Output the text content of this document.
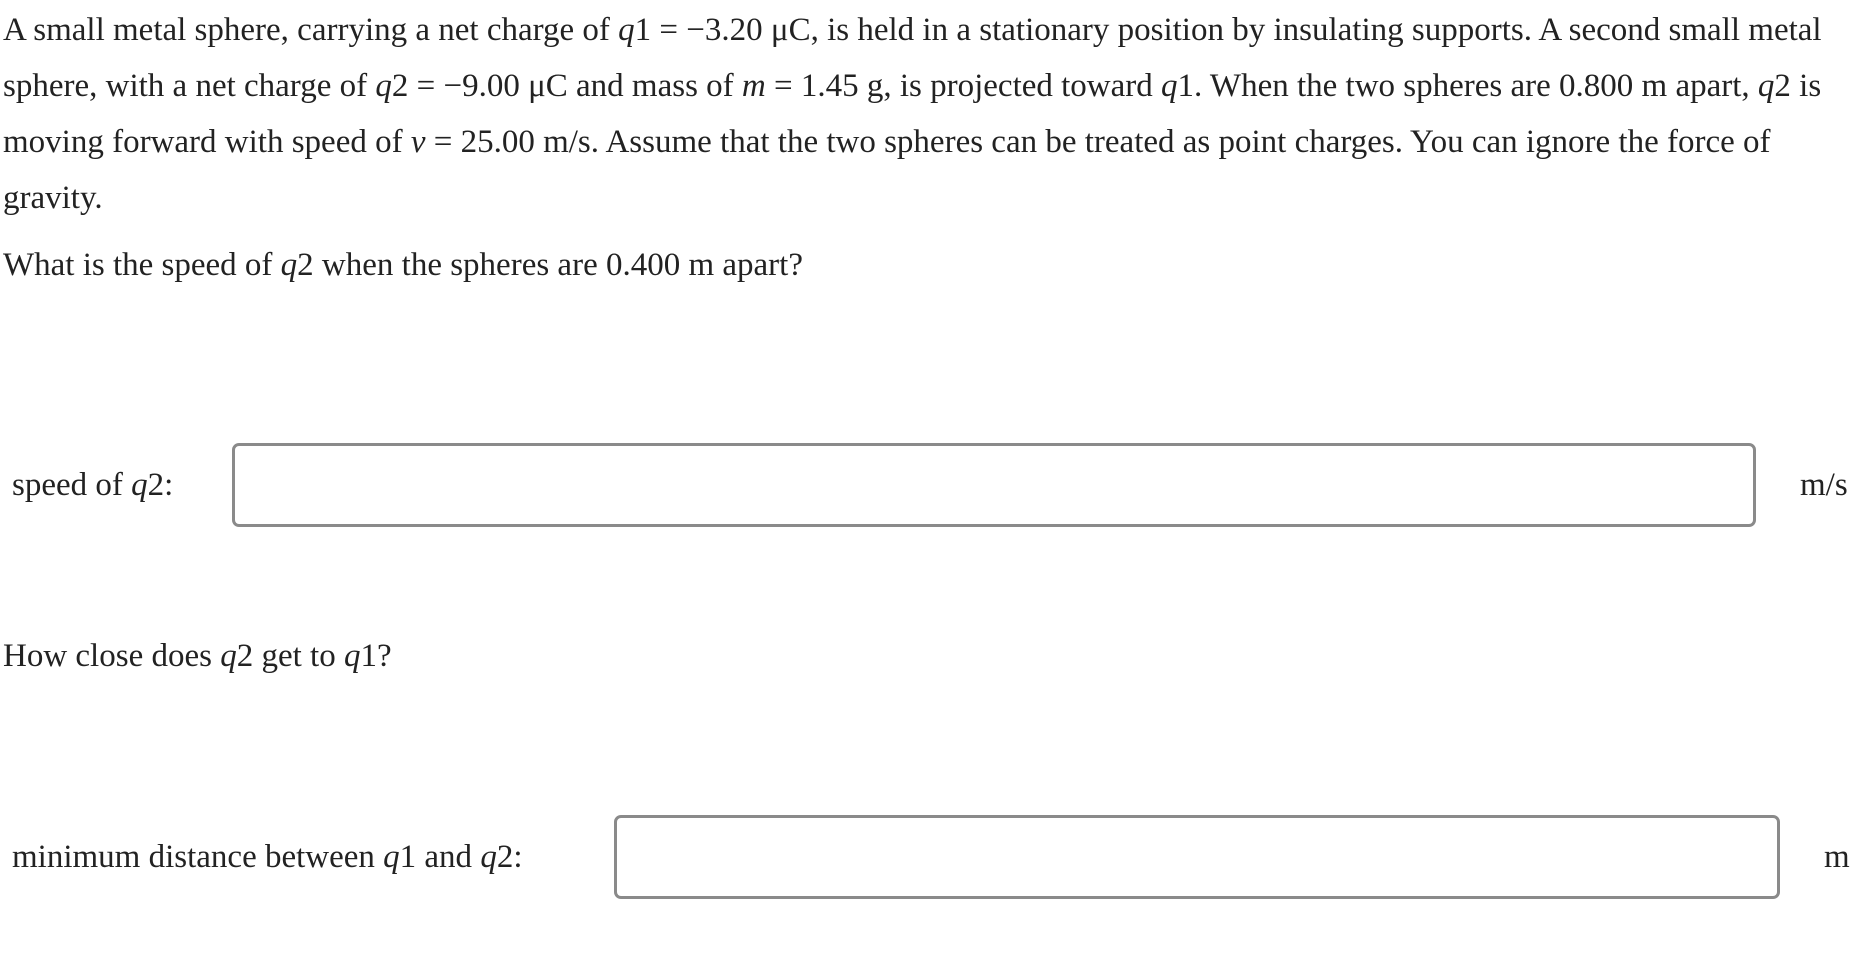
A small metal sphere, carrying a net charge of q1 = −3.20 μC, is held in a stationary position by insulating supports. A second small metal sphere, with a net charge of q2 = −9.00 μC and mass of m = 1.45 g, is projected toward q1. When the two spheres are 0.800 m apart, q2 is moving forward with speed of v = 25.00 m/s. Assume that the two spheres can be treated as point charges. You can ignore the force of gravity.

What is the speed of q2 when the spheres are 0.400 m apart?
speed of q2:	m/s
How close does q2 get to q1?
minimum distance between q1 and q2:	m
